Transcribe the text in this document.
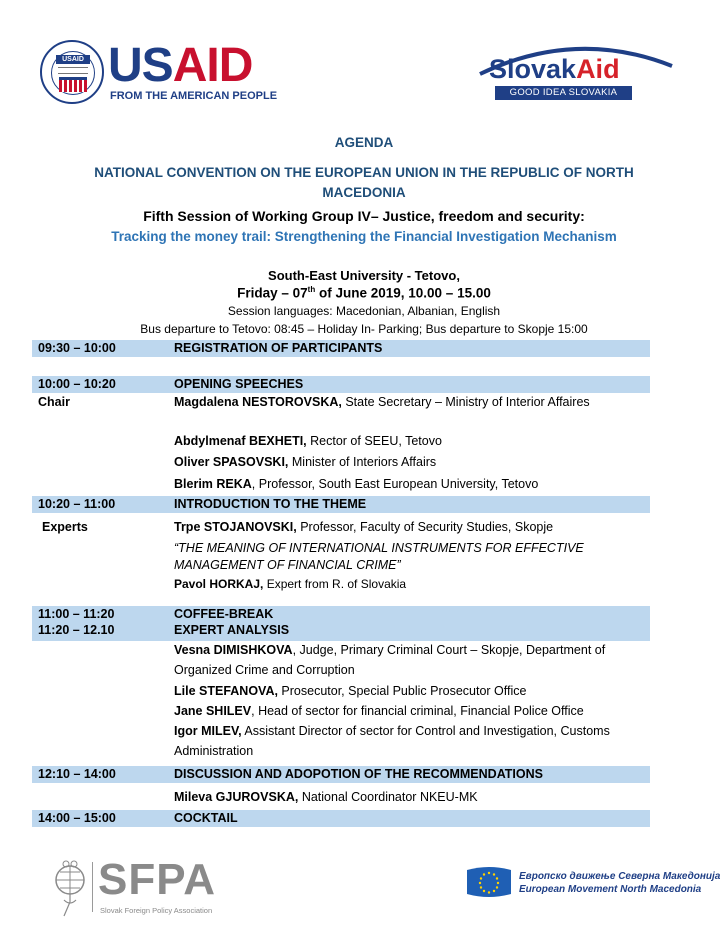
USAID USAID
FROM THE AMERICAN PEOPLE
SlovakAid
GOOD IDEA SLOVAKIA
AGENDA
NATIONAL CONVENTION ON THE EUROPEAN UNION IN THE REPUBLIC OF NORTH
MACEDONIA
Fifth Session of Working Group IV– Justice, freedom and security:
Tracking the money trail: Strengthening the Financial Investigation Mechanism
South-East University - Tetovo,
Friday – 07th of June 2019, 10.00 – 15.00
Session languages: Macedonian, Albanian, English
Bus departure to Tetovo: 08:45 – Holiday In- Parking; Bus departure to Skopje 15:00
09:30 – 10:00	REGISTRATION OF PARTICIPANTS
10:00 – 10:20	OPENING SPEECHES
Chair	Magdalena NESTOROVSKA, State Secretary – Ministry of Interior Affaires
Abdylmenaf BEXHETI, Rector of SEEU, Tetovo
Oliver SPASOVSKI, Minister of Interiors Affairs
Blerim REKA, Professor, South East European University, Tetovo
10:20 – 11:00	INTRODUCTION TO THE THEME
Experts	Trpe STOJANOVSKI, Professor, Faculty of Security Studies, Skopje
“THE MEANING OF INTERNATIONAL INSTRUMENTS FOR EFFECTIVE
MANAGEMENT OF FINANCIAL CRIME”
Pavol HORKAJ, Expert from R. of Slovakia
11:00 – 11:20	COFFEE-BREAK
11:20 – 12.10	EXPERT ANALYSIS
Vesna DIMISHKOVA, Judge, Primary Criminal Court – Skopje, Department of
Organized Crime and Corruption
Lile STEFANOVA, Prosecutor, Special Public Prosecutor Office
Jane SHILEV, Head of sector for financial criminal, Financial Police Office
Igor MILEV, Assistant Director of sector for Control and Investigation, Customs
Administration
12:10 – 14:00	DISCUSSION AND ADOPOTION OF THE RECOMMENDATIONS
Mileva GJUROVSKA, National Coordinator NKEU-MK
14:00 – 15:00	COCKTAIL
SFPA
Slovak Foreign Policy Association
Европско движење Северна Македонија
European Movement North Macedonia
